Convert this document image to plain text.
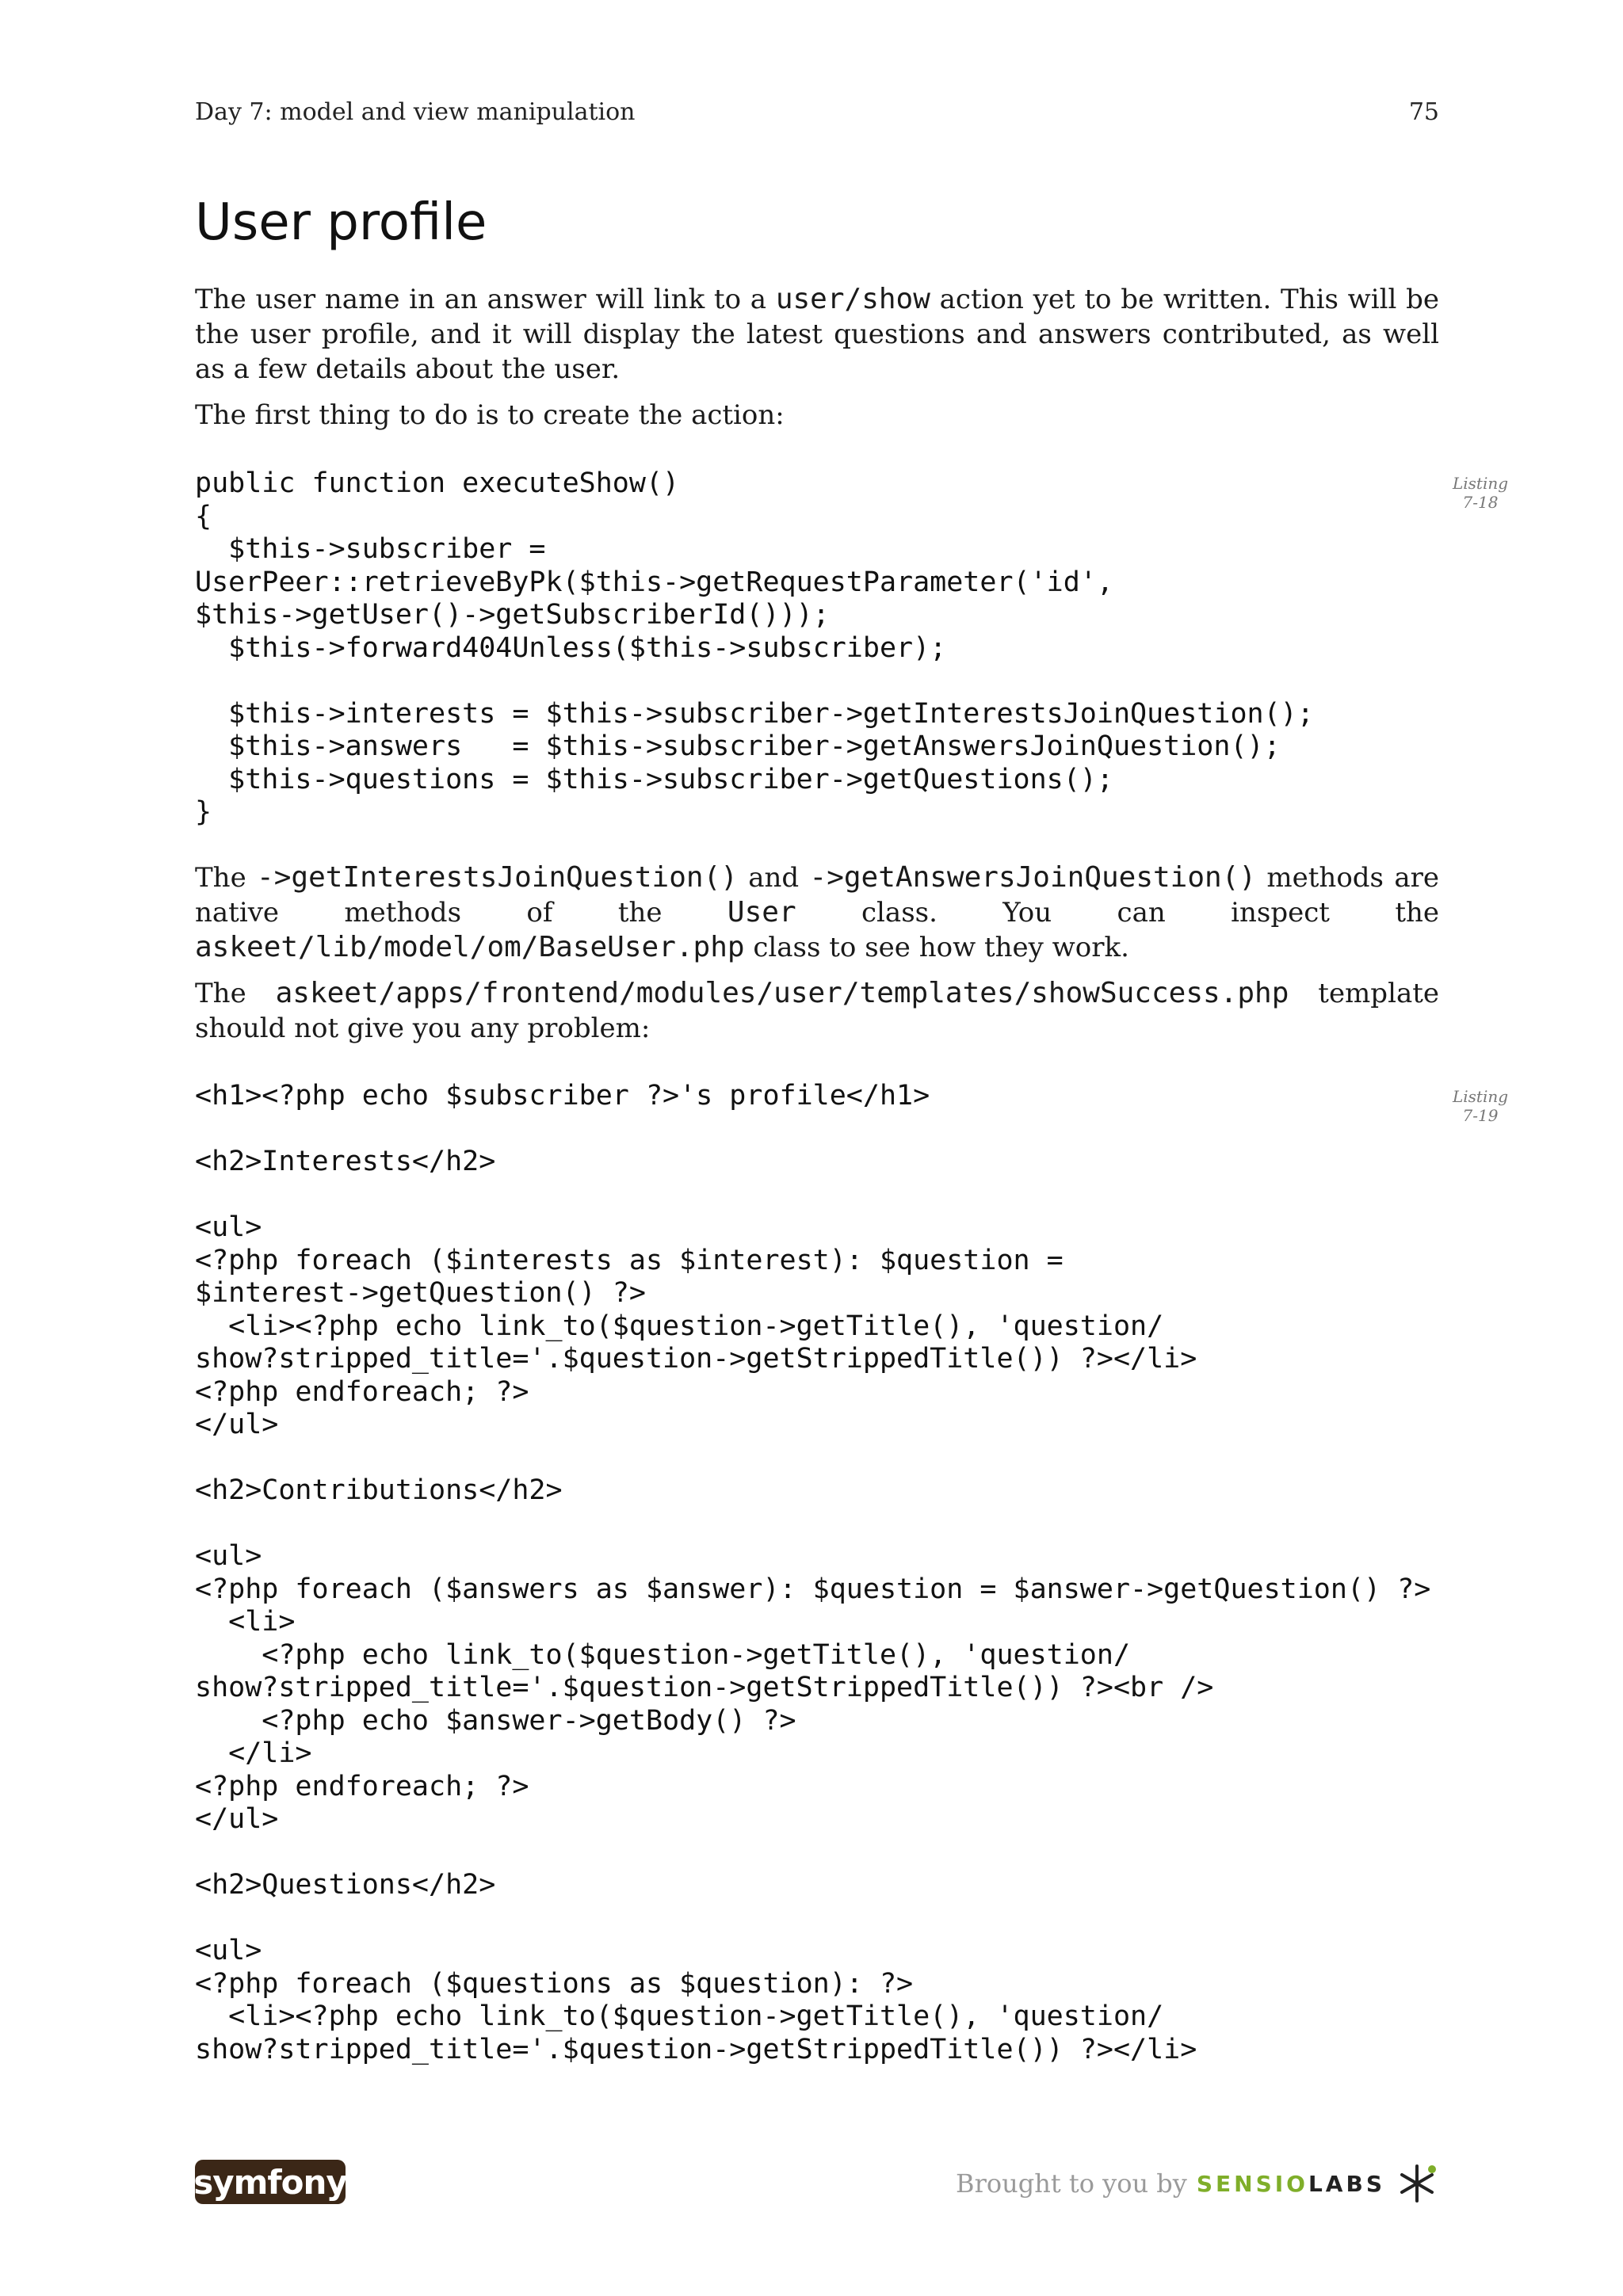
Day 7: model and view manipulation	75
User profile

The user name in an answer will link to a user/show action yet to be written. This will be the user profile, and it will display the latest questions and answers contributed, as well as a few details about the user.

The first thing to do is to create the action:

Listing
7-18
public function executeShow()
{
$this->subscriber =
UserPeer::retrieveByPk($this->getRequestParameter('id',
$this->getUser()->getSubscriberId()));
$this->forward404Unless($this->subscriber);

$this->interests = $this->subscriber->getInterestsJoinQuestion();
$this->answers   = $this->subscriber->getAnswersJoinQuestion();
$this->questions = $this->subscriber->getQuestions();
}

The ->getInterestsJoinQuestion() and ->getAnswersJoinQuestion() methods are native methods of the User class. You can inspect the askeet/lib/model/om/BaseUser.php class to see how they work.

The askeet/apps/frontend/modules/user/templates/showSuccess.php template should not give you any problem:

Listing
7-19
<h1><?php echo $subscriber ?>'s profile</h1>

<h2>Interests</h2>

<ul>
<?php foreach ($interests as $interest): $question =
$interest->getQuestion() ?>
<li><?php echo link_to($question->getTitle(), 'question/
show?stripped_title='.$question->getStrippedTitle()) ?></li>
<?php endforeach; ?>
</ul>

<h2>Contributions</h2>

<ul>
<?php foreach ($answers as $answer): $question = $answer->getQuestion() ?>
<li>
<?php echo link_to($question->getTitle(), 'question/
show?stripped_title='.$question->getStrippedTitle()) ?><br />
<?php echo $answer->getBody() ?>
</li>
<?php endforeach; ?>
</ul>

<h2>Questions</h2>

<ul>
<?php foreach ($questions as $question): ?>
<li><?php echo link_to($question->getTitle(), 'question/
show?stripped_title='.$question->getStrippedTitle()) ?></li>
symfony	Brought to you by SENSIOLABS
